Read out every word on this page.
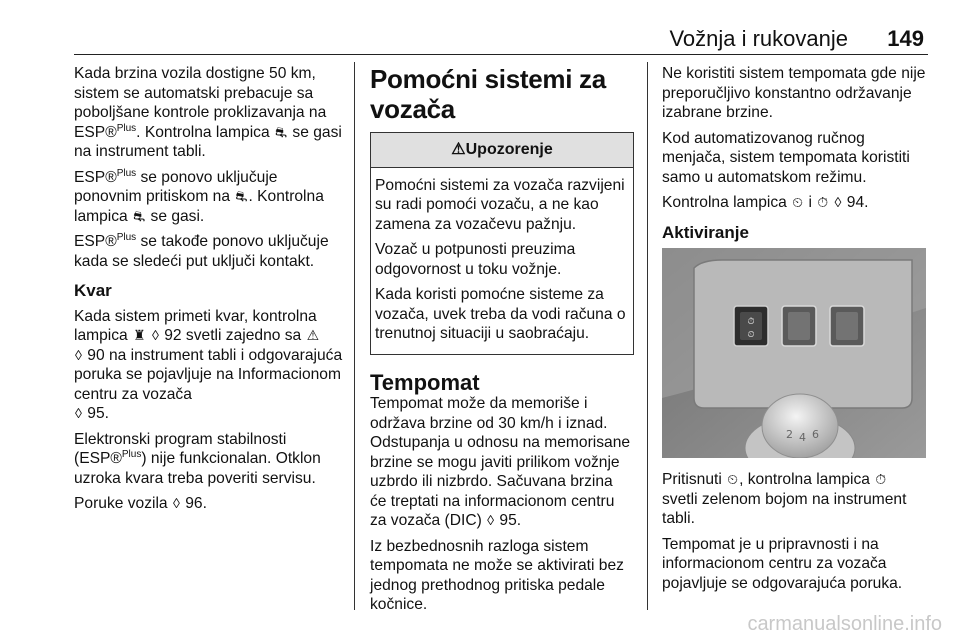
Vožnja i rukovanje 149

Kada brzina vozila dostigne 50 km, sistem se automatski prebacuje sa poboljšane kontrole proklizavanja na ESP®$^{Plus}$. Kontrolna lampica ⛐ se gasi na instrument tabli.

ESP®$^{Plus}$ se ponovo uključuje ponovnim pritiskom na ⛐. Kontrolna lampica ⛐ se gasi.

ESP®$^{Plus}$ se takođe ponovo uključuje kada se sledeći put uključi kontakt.

Kvar

Kada sistem primeti kvar, kontrolna lampica ♜ ◊ 92 svetli zajedno sa ⚠
◊ 90 na instrument tabli i odgovarajuća poruka se pojavljuje na Informacionom centru za vozača
◊ 95.

Elektronski program stabilnosti (ESP®$^{Plus}$) nije funkcionalan. Otklon uzroka kvara treba poveriti servisu.

Poruke vozila ◊ 96.

Pomoćni sistemi za vozača
⚠Upozorenje

Pomoćni sistemi za vozača razvijeni su radi pomoći vozaču, a ne kao zamena za vozačevu pažnju.

Vozač u potpunosti preuzima odgovornost u toku vožnje.

Kada koristi pomoćne sisteme za vozača, uvek treba da vodi računa o trenutnoj situaciji u saobraćaju.

Tempomat

Tempomat može da memoriše i održava brzine od 30 km/h i iznad. Odstupanja u odnosu na memorisane brzine se mogu javiti prilikom vožnje uzbrdo ili nizbrdo. Sačuvana brzina će treptati na informacionom centru za vozača (DIC) ◊ 95.

Iz bezbednosnih razloga sistem tempomata ne može se aktivirati bez jednog prethodnog pritiska pedale kočnice.

Ne koristiti sistem tempomata gde nije preporučljivo konstantno održavanje izabrane brzine.

Kod automatizovanog ručnog menjača, sistem tempomata koristiti samo u automatskom režimu.

Kontrolna lampica ⏲ i ⏱ ◊ 94.

Aktiviranje
⏱
⏲
2 4 6

Pritisnuti ⏲, kontrolna lampica ⏱ svetli zelenom bojom na instrument tabli.

Tempomat je u pripravnosti i na informacionom centru za vozača pojavljuje se odgovarajuća poruka.

carmanualsonline.info
